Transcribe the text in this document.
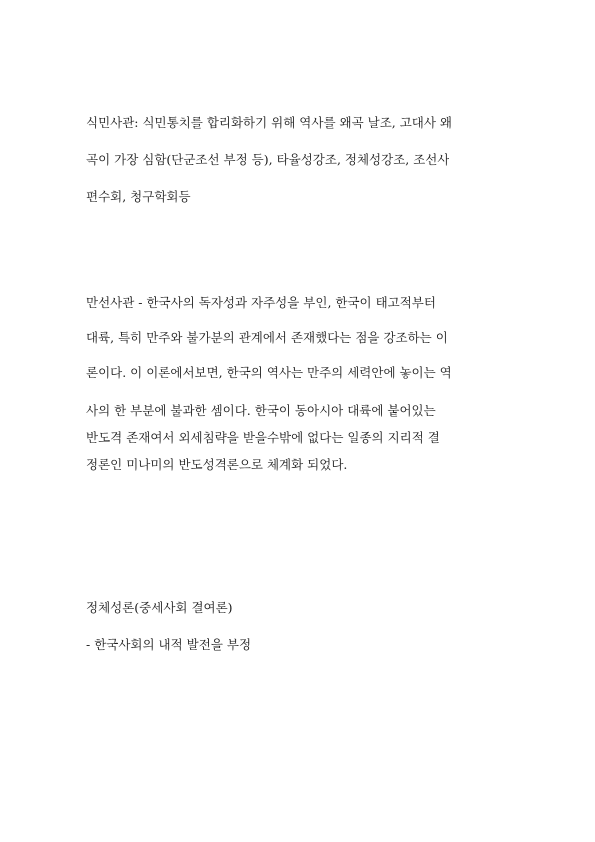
식민사관: 식민통치를 합리화하기 위해 역사를 왜곡 날조, 고대사 왜
곡이 가장 심함(단군조선 부정 등), 타율성강조, 정체성강조, 조선사
편수회, 청구학회등
만선사관 - 한국사의 독자성과 자주성을 부인, 한국이 태고적부터
대륙, 특히 만주와 불가분의 관계에서 존재했다는 점을 강조하는 이
론이다. 이 이론에서보면, 한국의 역사는 만주의 세력안에 놓이는 역
사의 한 부분에 불과한 셈이다. 한국이 동아시아 대륙에 붙어있는
반도격 존재여서 외세침략을 받을수밖에 없다는 일종의 지리적 결
정론인 미나미의 반도성격론으로 체계화 되었다.
정체성론(중세사회 결여론)
- 한국사회의 내적 발전을 부정
